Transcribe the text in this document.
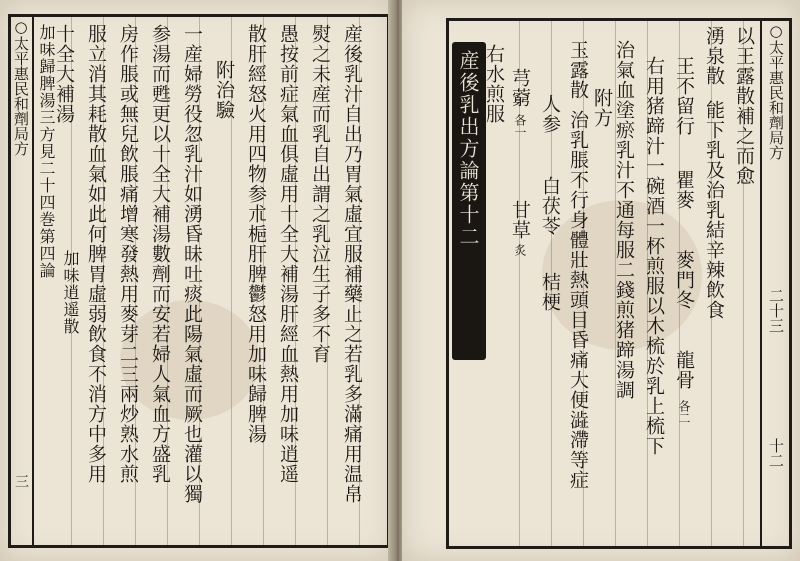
○太平惠民和劑局方
三	産後乳汁自出乃胃氣虛宜服補藥止之若乳多滿痛用温帛
熨之未産而乳自出謂之乳泣生子多不育
愚按前症氣血俱虛用十全大補湯肝經血熱用加味逍遥
散肝經怒火用四物参朮梔肝脾鬱怒用加味歸脾湯
附治驗
一産婦勞役忽乳汁如湧昏昧吐痰此陽氣虛而厥也灌以獨
参湯而甦更以十全大補湯數劑而安若婦人氣血方盛乳
房作脹或無兒飲脹痛增寒發熱用麥芽二三兩炒熟水煎
服立消其耗散血氣如此何脾胃虛弱飲食不消方中多用
十全大補湯
加味歸脾湯三方見二十四巻第四論
加味逍遥散
○太平惠民和劑局方
二十三
十二
産後乳出方論第十二	以王露散補之而愈
湧泉散
能下乳及治乳結辛辣飲食
王不留行
瞿麥
麥門冬
龍骨
各二
右用猪蹄汁一碗酒一杯煎服以木梳於乳上梳下
治氣血塗瘀乳汁不通每服二錢煎猪蹄湯調
附方
玉露散
治乳脹不行身體壯熱頭目昏痛大便澁滯等症
人参
白茯苓
桔梗
芎藭
各一
甘草
炙
右水煎服
